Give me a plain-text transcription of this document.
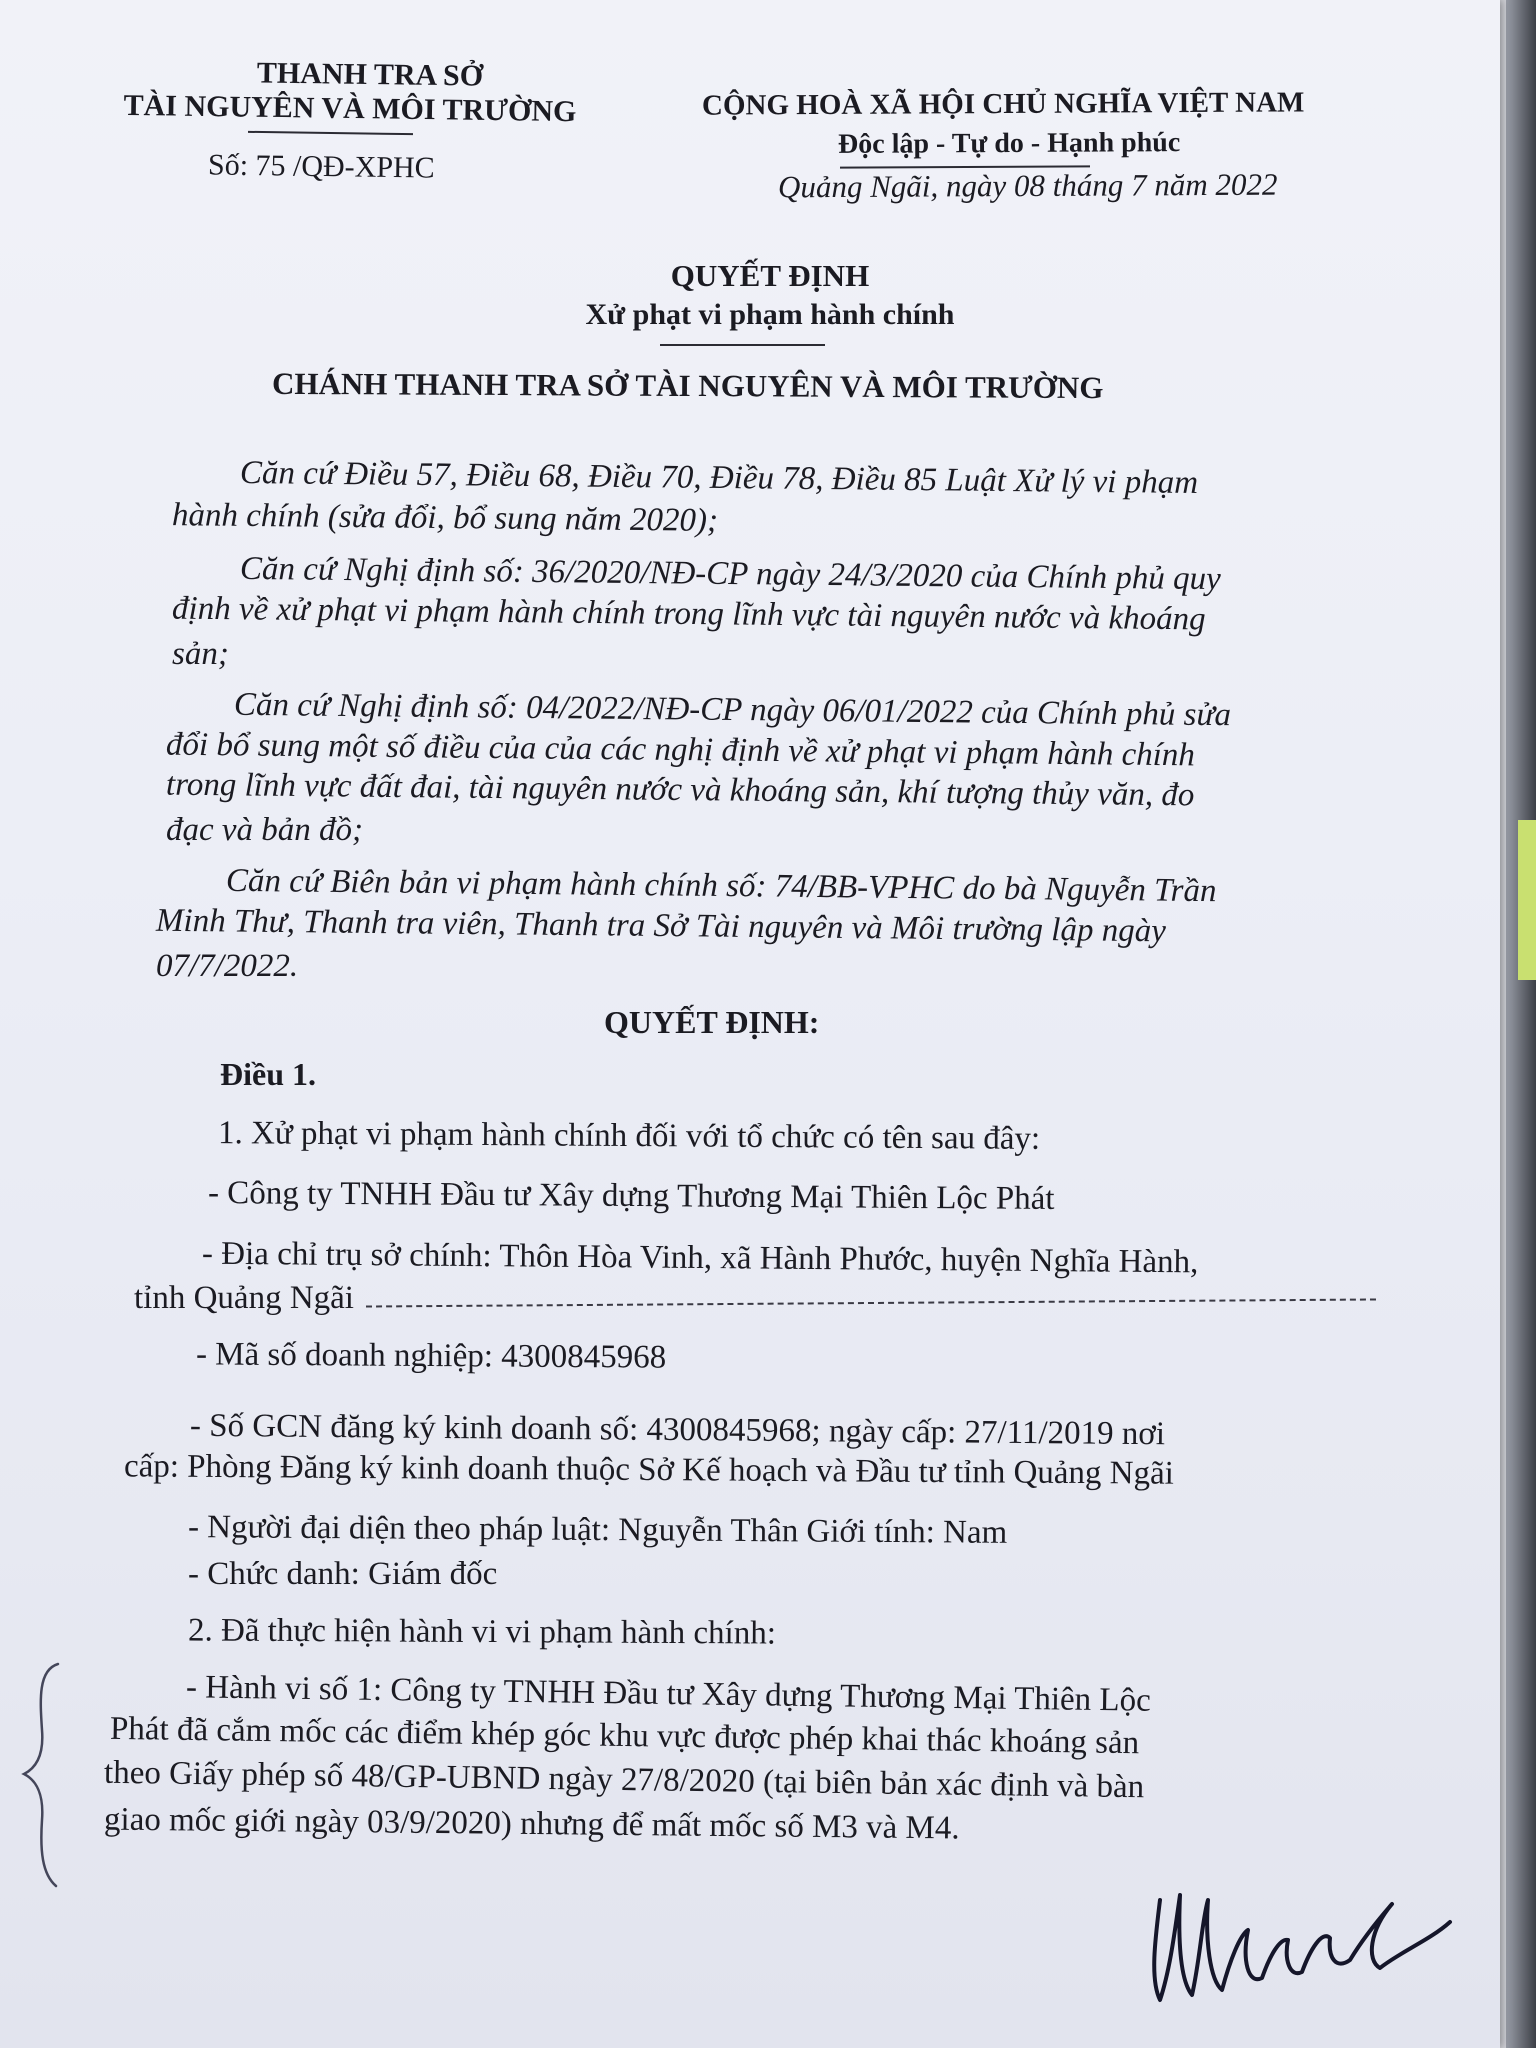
THANH TRA SỞ
TÀI NGUYÊN VÀ MÔI TRƯỜNG
Số: 75 /QĐ-XPHC
CỘNG HOÀ XÃ HỘI CHỦ NGHĨA VIỆT NAM
Độc lập - Tự do - Hạnh phúc
Quảng Ngãi, ngày 08 tháng 7 năm 2022
QUYẾT ĐỊNH
Xử phạt vi phạm hành chính
CHÁNH THANH TRA SỞ TÀI NGUYÊN VÀ MÔI TRƯỜNG
Căn cứ Điều 57, Điều 68, Điều 70, Điều 78, Điều 85 Luật Xử lý vi phạm
hành chính (sửa đổi, bổ sung năm 2020);
Căn cứ Nghị định số: 36/2020/NĐ-CP ngày 24/3/2020 của Chính phủ quy
định về xử phạt vi phạm hành chính trong lĩnh vực tài nguyên nước và khoáng
sản;
Căn cứ Nghị định số: 04/2022/NĐ-CP ngày 06/01/2022 của Chính phủ sửa
đổi bổ sung một số điều của của các nghị định về xử phạt vi phạm hành chính
trong lĩnh vực đất đai, tài nguyên nước và khoáng sản, khí tượng thủy văn, đo
đạc và bản đồ;
Căn cứ Biên bản vi phạm hành chính số: 74/BB-VPHC do bà Nguyễn Trần
Minh Thư, Thanh tra viên, Thanh tra Sở Tài nguyên và Môi trường lập ngày
07/7/2022.
QUYẾT ĐỊNH:
Điều 1.
1. Xử phạt vi phạm hành chính đối với tổ chức có tên sau đây:
- Công ty TNHH Đầu tư Xây dựng Thương Mại Thiên Lộc Phát
- Địa chỉ trụ sở chính: Thôn Hòa Vinh, xã Hành Phước, huyện Nghĩa Hành,
tỉnh Quảng Ngãi
- Mã số doanh nghiệp: 4300845968
- Số GCN đăng ký kinh doanh số: 4300845968; ngày cấp: 27/11/2019 nơi
cấp: Phòng Đăng ký kinh doanh thuộc Sở Kế hoạch và Đầu tư tỉnh Quảng Ngãi
- Người đại diện theo pháp luật: Nguyễn Thân Giới tính: Nam
- Chức danh: Giám đốc
2. Đã thực hiện hành vi vi phạm hành chính:
- Hành vi số 1: Công ty TNHH Đầu tư Xây dựng Thương Mại Thiên Lộc
Phát đã cắm mốc các điểm khép góc khu vực được phép khai thác khoáng sản
theo Giấy phép số 48/GP-UBND ngày 27/8/2020 (tại biên bản xác định và bàn
giao mốc giới ngày 03/9/2020) nhưng để mất mốc số M3 và M4.
